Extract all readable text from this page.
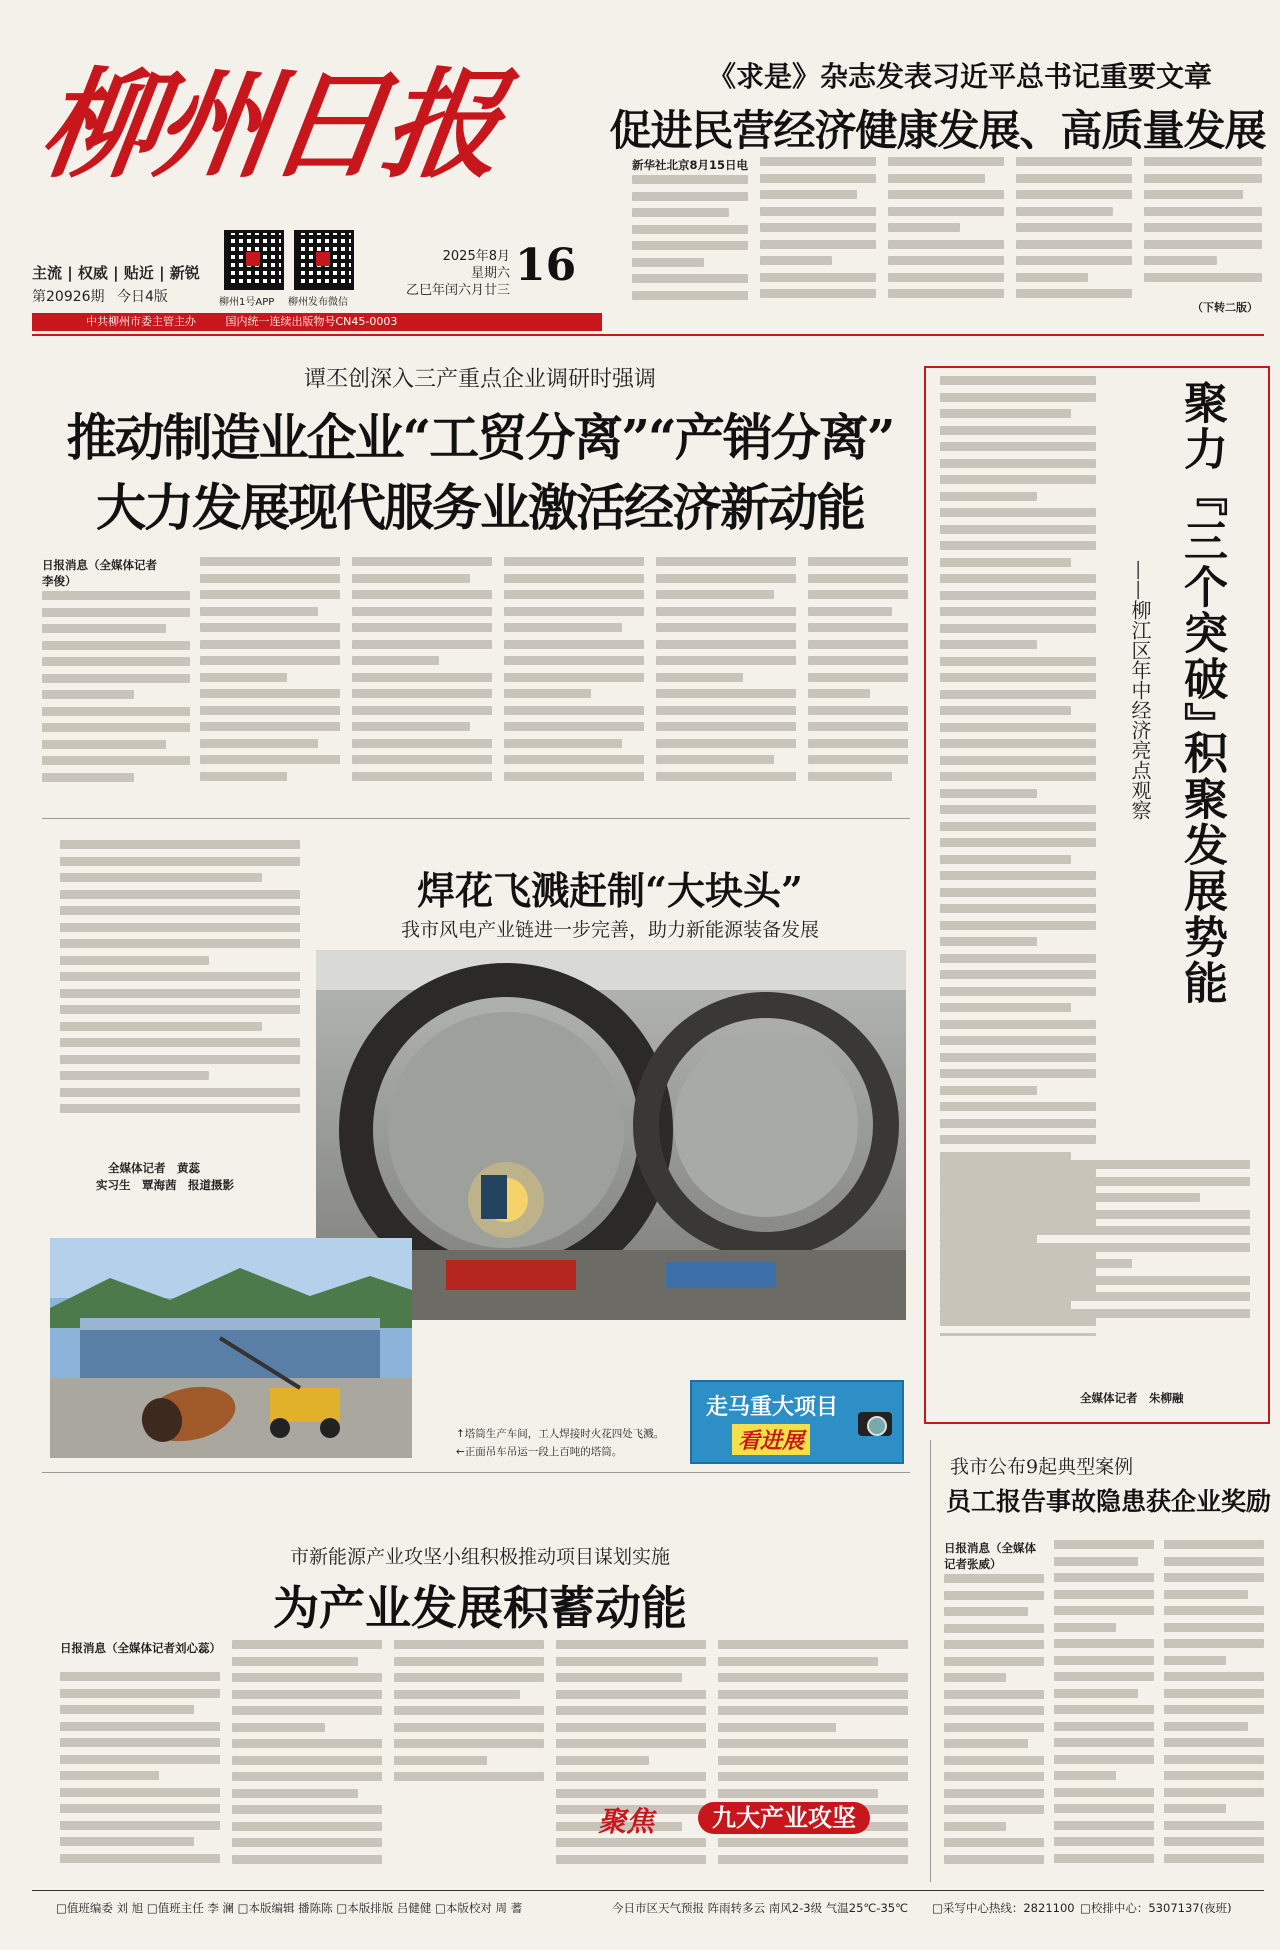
柳州日报
主流 | 权威 | 贴近 | 新锐
第20926期 今日4版	柳州1号APP 柳州发布微信
2025年8月
星期六
乙巳年闰六月廿三 16
中共柳州市委主管主办	国内统一连续出版物号CN45-0003
《求是》杂志发表习近平总书记重要文章
促进民营经济健康发展、高质量发展
新华社北京8月15日电
（下转二版）
谭丕创深入三产重点企业调研时强调
推动制造业企业“工贸分离”“产销分离”
大力发展现代服务业激活经济新动能
日报消息（全媒体记者李俊）	聚力『三个突破』
积聚发展势能
——柳江区年中经济亮点观察
全媒体记者　朱柳融
全媒体记者　黄蕊
实习生　覃海茜　报道摄影
焊花飞溅赶制“大块头”
我市风电产业链进一步完善，助力新能源装备发展
↑塔筒生产车间，工人焊接时火花四处飞溅。
←正面吊车吊运一段上百吨的塔筒。
走马重大项目
看进展
我市公布9起典型案例
员工报告事故隐患获企业奖励
日报消息（全媒体记者张威）
市新能源产业攻坚小组积极推动项目谋划实施
为产业发展积蓄动能
日报消息（全媒体记者刘心蕊）
聚焦	九大产业攻坚
□值班编委 刘 旭 □值班主任 李 澜 □本版编辑 播陈陈 □本版排版 吕健健 □本版校对 周 蓍	今日市区天气预报 阵雨转多云 南风2-3级 气温25℃-35℃ □采写中心热线：2821100 □校排中心：5307137(夜班)
